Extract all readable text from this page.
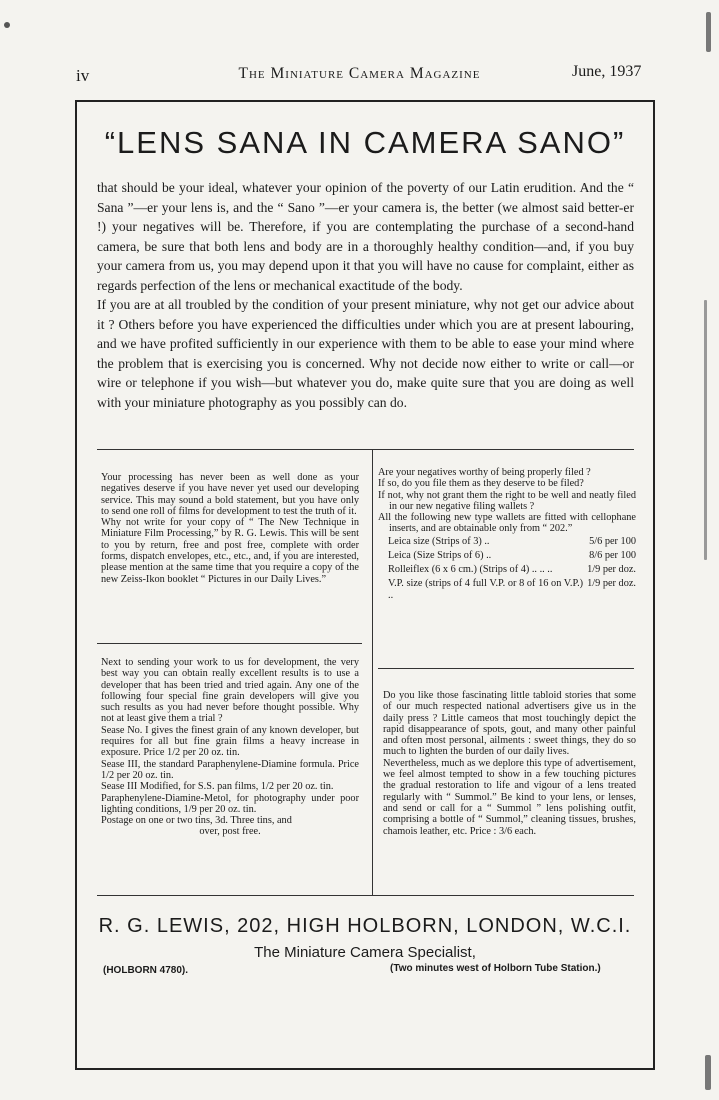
iv	The Miniature Camera Magazine	June, 1937
“LENS SANA IN CAMERA SANO”

that should be your ideal, whatever your opinion of the poverty of our Latin erudition. And the “ Sana ”—er your lens is, and the “ Sano ”—er your camera is, the better (we almost said better-er !) your negatives will be. Therefore, if you are contemplating the purchase of a second-hand camera, be sure that both lens and body are in a thoroughly healthy condition—and, if you buy your camera from us, you may depend upon it that you will have no cause for complaint, either as regards perfection of the lens or mechanical exactitude of the body.

If you are at all troubled by the condition of your present miniature, why not get our advice about it ? Others before you have experienced the difficulties under which you are at present labouring, and we have profited sufficiently in our experience with them to be able to ease your mind where the problem that is exercising you is concerned. Why not decide now either to write or call—or wire or telephone if you wish—but whatever you do, make quite sure that you are doing as well with your miniature photography as you possibly can do.

Your processing has never been as well done as your negatives deserve if you have never yet used our developing service. This may sound a bold statement, but you have only to send one roll of films for development to test the truth of it.

Why not write for your copy of “ The New Technique in Miniature Film Processing,” by R. G. Lewis. This will be sent to you by return, free and post free, complete with order forms, dispatch envelopes, etc., etc., and, if you are interested, please mention at the same time that you require a copy of the new Zeiss-Ikon booklet “ Pictures in our Daily Lives.”

Next to sending your work to us for development, the very best way you can obtain really excellent results is to use a developer that has been tried and tried again. Any one of the following four special fine grain developers will give you such results as you had never before thought possible. Why not at least give them a trial ?

Sease No. I gives the finest grain of any known developer, but requires for all but fine grain films a heavy increase in exposure. Price 1/2 per 20 oz. tin.

Sease III, the standard Paraphenylene-Diamine formula. Price 1/2 per 20 oz. tin.

Sease III Modified, for S.S. pan films, 1/2 per 20 oz. tin.

Paraphenylene-Diamine-Metol, for photography under poor lighting conditions, 1/9 per 20 oz. tin.

Postage on one or two tins, 3d. Three tins, and

over, post free.

Are your negatives worthy of being properly filed ?

If so, do you file them as they deserve to be filed?

If not, why not grant them the right to be well and neatly filed in our new negative filing wallets ?

All the following new type wallets are fitted with cellophane inserts, and are obtainable only from “ 202.”

Leica size (Strips of 3) ..	5/6 per 100
Leica (Size Strips of 6) ..	8/6 per 100
Rolleiflex (6 x 6 cm.) (Strips of 4) .. .. ..	1/9 per doz.
V.P. size (strips of 4 full V.P. or 8 of 16 on V.P.) ..	1/9 per doz.

Do you like those fascinating little tabloid stories that some of our much respected national advertisers give us in the daily press ? Little cameos that most touchingly depict the rapid disappearance of spots, gout, and many other painful and often most personal, ailments : sweet things, they do so much to lighten the burden of our daily lives.

Nevertheless, much as we deplore this type of advertisement, we feel almost tempted to show in a few touching pictures the gradual restoration to life and vigour of a lens treated regularly with “ Summol.” Be kind to your lens, or lenses, and send or call for a “ Summol ” lens polishing outfit, comprising a bottle of “ Summol,” cleaning tissues, brushes, chamois leather, etc. Price : 3/6 each.

R. G. LEWIS, 202, HIGH HOLBORN, LONDON, W.C.I.
The Miniature Camera Specialist,
(HOLBORN 4780).	(Two minutes west of Holborn Tube Station.)
